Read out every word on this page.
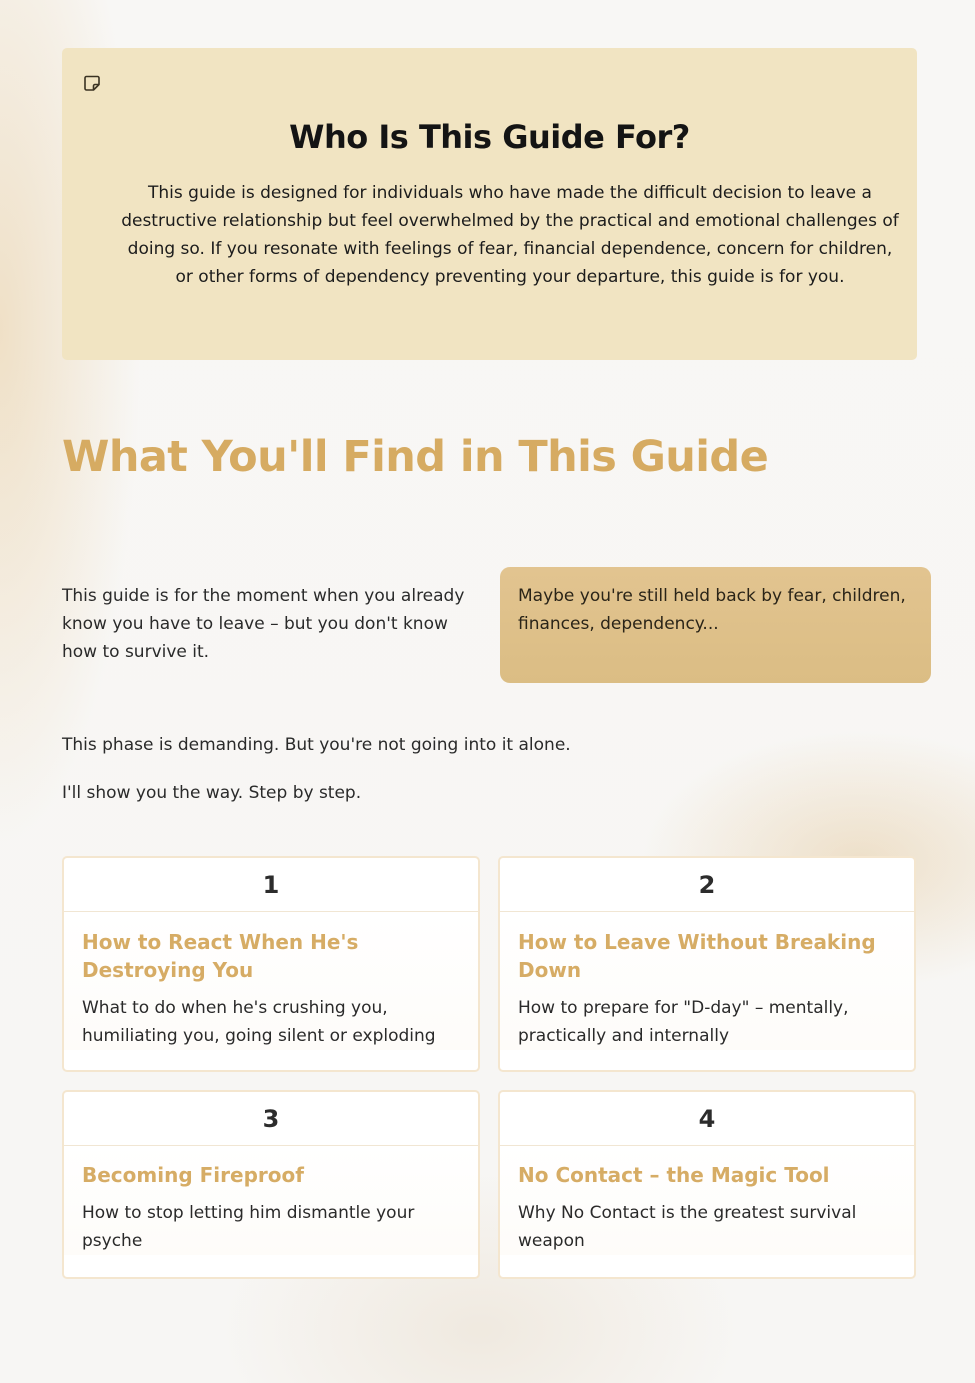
Who Is This Guide For?

This guide is designed for individuals who have made the difficult decision to leave a destructive relationship but feel overwhelmed by the practical and emotional challenges of doing so. If you resonate with feelings of fear, financial dependence, concern for children, or other forms of dependency preventing your departure, this guide is for you.

What You'll Find in This Guide

This guide is for the moment when you already know you have to leave – but you don't know how to survive it.

Maybe you're still held back by fear, children, finances, dependency...

This phase is demanding. But you're not going into it alone.

I'll show you the way. Step by step.

1
How to React When He's Destroying You

What to do when he's crushing you, humiliating you, going silent or exploding

2
How to Leave Without Breaking Down

How to prepare for "D-day" – mentally, practically and internally

3
Becoming Fireproof

How to stop letting him dismantle your psyche

4
No Contact – the Magic Tool

Why No Contact is the greatest survival weapon
